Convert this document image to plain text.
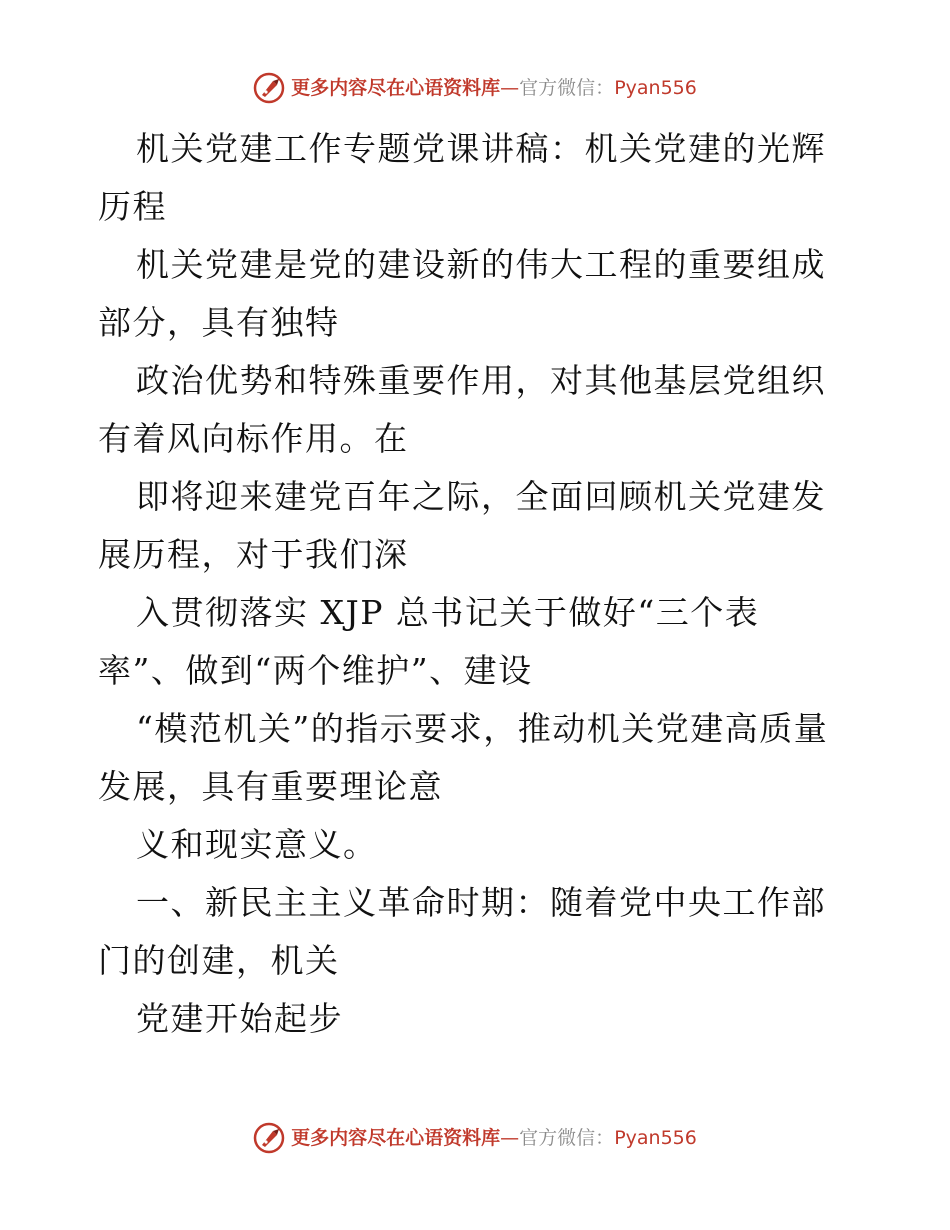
更多内容尽在心语资料库—官方微信：Pyan556

机关党建工作专题党课讲稿：机关党建的光辉历程

机关党建是党的建设新的伟大工程的重要组成部分，具有独特

政治优势和特殊重要作用，对其他基层党组织有着风向标作用。在

即将迎来建党百年之际，全面回顾机关党建发展历程，对于我们深

入贯彻落实 XJP 总书记关于做好“三个表

率”、做到“两个维护”、建设

“模范机关”的指示要求，推动机关党建高质量发展，具有重要理论意

义和现实意义。

一、新民主主义革命时期：随着党中央工作部门的创建，机关

党建开始起步

更多内容尽在心语资料库—官方微信：Pyan556
